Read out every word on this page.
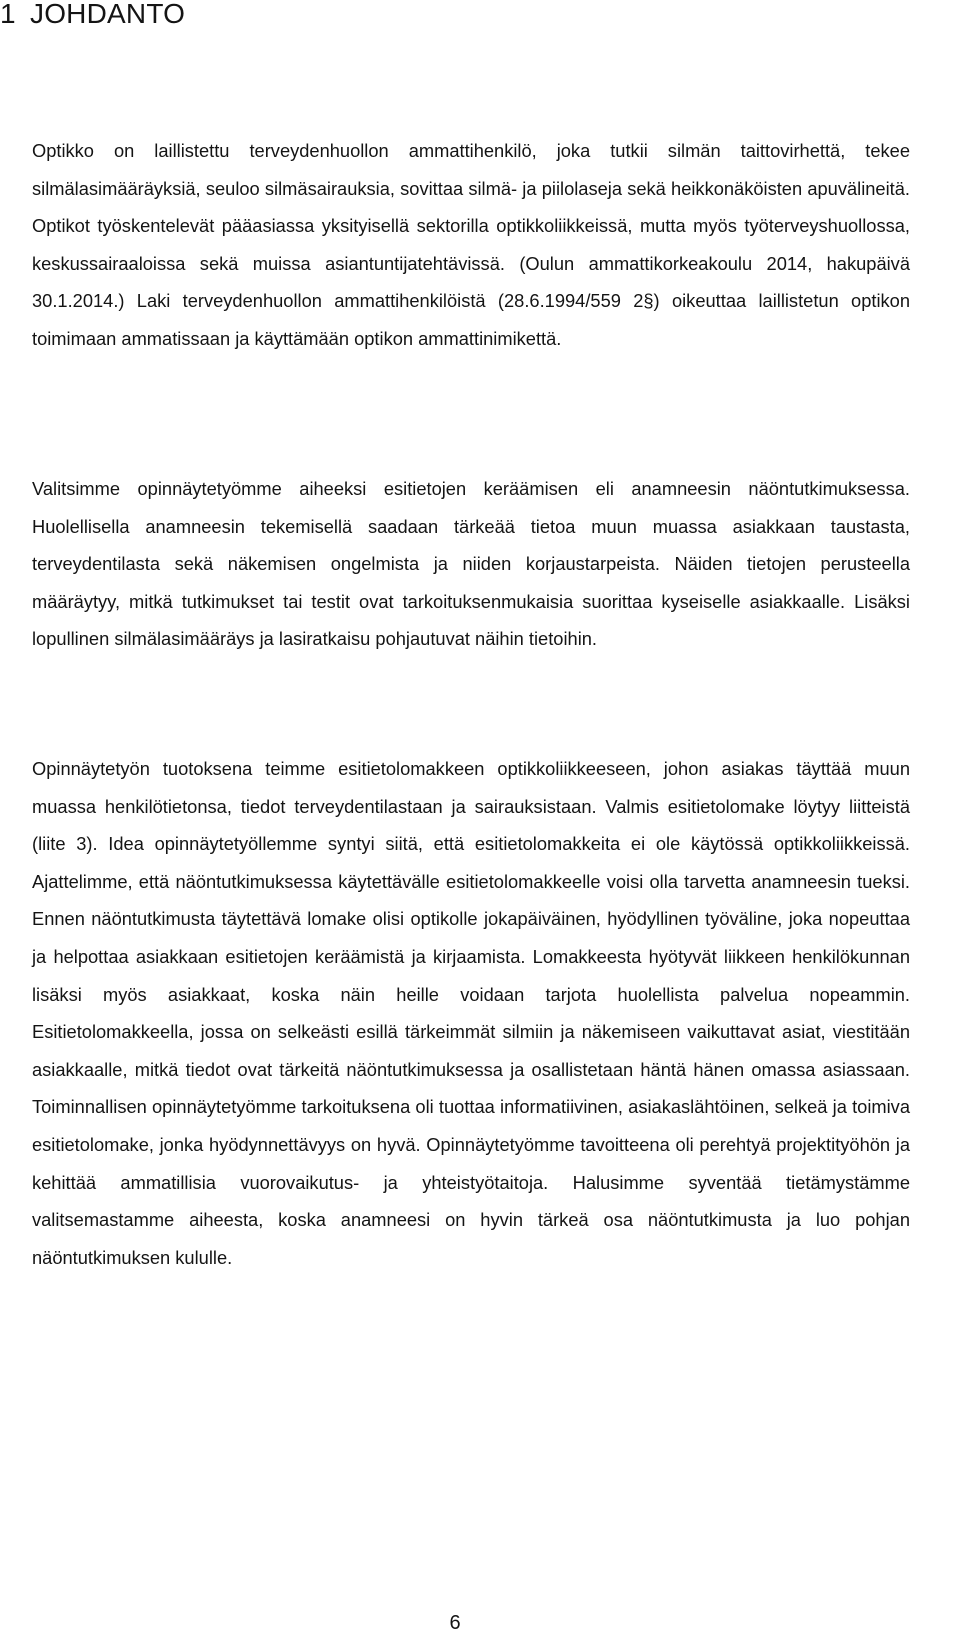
1 JOHDANTO

Optikko on laillistettu terveydenhuollon ammattihenkilö, joka tutkii silmän taittovirhettä, tekee silmälasimääräyksiä, seuloo silmäsairauksia, sovittaa silmä- ja piilolaseja sekä heikkonäköisten apuvälineitä. Optikot työskentelevät pääasiassa yksityisellä sektorilla optikkoliikkeissä, mutta myös työterveyshuollossa, keskussairaaloissa sekä muissa asiantuntijatehtävissä. (Oulun ammattikorkeakoulu 2014, hakupäivä 30.1.2014.) Laki terveydenhuollon ammattihenkilöistä (28.6.1994/559 2§) oikeuttaa laillistetun optikon toimimaan ammatissaan ja käyttämään optikon ammattinimikettä.

Valitsimme opinnäytetyömme aiheeksi esitietojen keräämisen eli anamneesin näöntutkimuksessa. Huolellisella anamneesin tekemisellä saadaan tärkeää tietoa muun muassa asiakkaan taustasta, terveydentilasta sekä näkemisen ongelmista ja niiden korjaustarpeista. Näiden tietojen perusteella määräytyy, mitkä tutkimukset tai testit ovat tarkoituksenmukaisia suorittaa kyseiselle asiakkaalle. Lisäksi lopullinen silmälasimääräys ja lasiratkaisu pohjautuvat näihin tietoihin.

Opinnäytetyön tuotoksena teimme esitietolomakkeen optikkoliikkeeseen, johon asiakas täyttää muun muassa henkilötietonsa, tiedot terveydentilastaan ja sairauksistaan. Valmis esitietolomake löytyy liitteistä (liite 3). Idea opinnäytetyöllemme syntyi siitä, että esitietolomakkeita ei ole käytössä optikkoliikkeissä. Ajattelimme, että näöntutkimuksessa käytettävälle esitietolomakkeelle voisi olla tarvetta anamneesin tueksi. Ennen näöntutkimusta täytettävä lomake olisi optikolle jokapäiväinen, hyödyllinen työväline, joka nopeuttaa ja helpottaa asiakkaan esitietojen keräämistä ja kirjaamista. Lomakkeesta hyötyvät liikkeen henkilökunnan lisäksi myös asiakkaat, koska näin heille voidaan tarjota huolellista palvelua nopeammin. Esitietolomakkeella, jossa on selkeästi esillä tärkeimmät silmiin ja näkemiseen vaikuttavat asiat, viestitään asiakkaalle, mitkä tiedot ovat tärkeitä näöntutkimuksessa ja osallistetaan häntä hänen omassa asiassaan. Toiminnallisen opinnäytetyömme tarkoituksena oli tuottaa informatiivinen, asiakaslähtöinen, selkeä ja toimiva esitietolomake, jonka hyödynnettävyys on hyvä. Opinnäytetyömme tavoitteena oli perehtyä projektityöhön ja kehittää ammatillisia vuorovaikutus- ja yhteistyötaitoja. Halusimme syventää tietämystämme valitsemastamme aiheesta, koska anamneesi on hyvin tärkeä osa näöntutkimusta ja luo pohjan näöntutkimuksen kululle.

6
